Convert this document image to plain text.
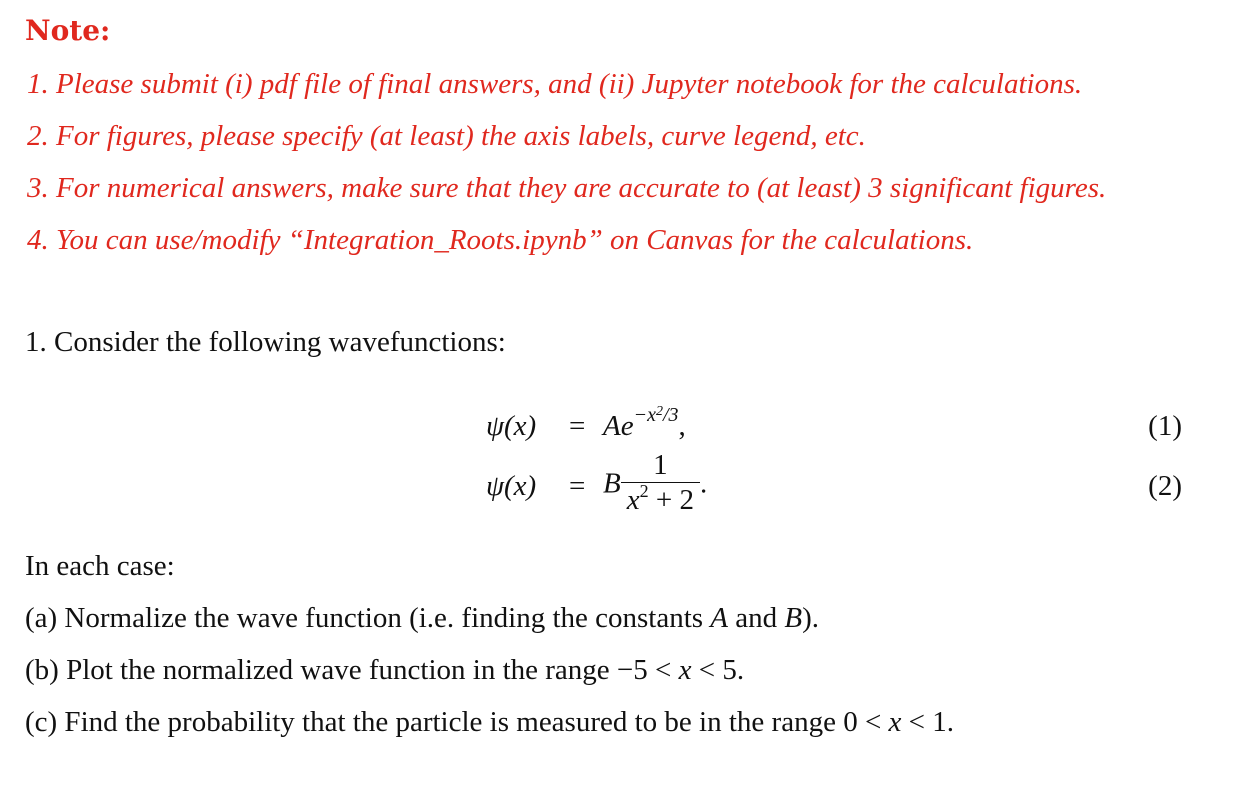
Note:
1. Please submit (i) pdf file of final answers, and (ii) Jupyter notebook for the calculations.
2. For figures, please specify (at least) the axis labels, curve legend, etc.
3. For numerical answers, make sure that they are accurate to (at least) 3 significant figures.
4. You can use/modify “Integration_Roots.ipynb” on Canvas for the calculations.
1. Consider the following wavefunctions:
$\psi(x) = Ae^{-x^2/3}$,	(1)
ψ(x) = B $\frac{1}{x^2 + 2}$ .	(2)
In each case:
(a) Normalize the wave function (i.e. finding the constants A and B).
(b) Plot the normalized wave function in the range −5 < x < 5.
(c) Find the probability that the particle is measured to be in the range 0 < x < 1.
